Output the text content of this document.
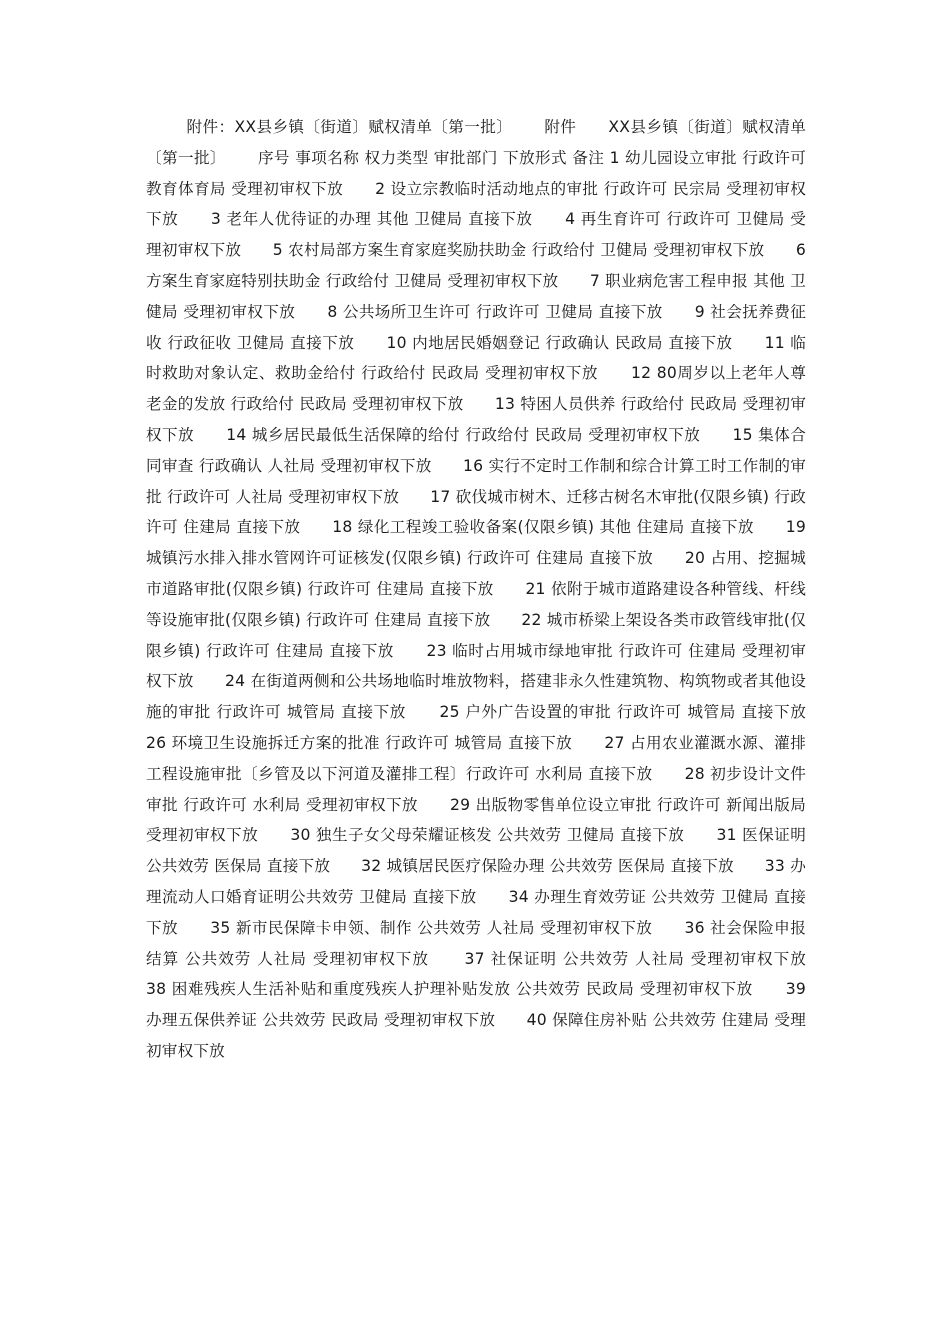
附件：XX县乡镇〔街道〕赋权清单〔第一批〕      附件      XX县乡镇〔街道〕赋权清单〔第一批〕      序号 事项名称 权力类型 审批部门 下放形式 备注 1 幼儿园设立审批 行政许可 教育体育局 受理初审权下放      2 设立宗教临时活动地点的审批 行政许可 民宗局 受理初审权下放      3 老年人优待证的办理 其他 卫健局 直接下放      4 再生育许可 行政许可 卫健局 受理初审权下放      5 农村局部方案生育家庭奖励扶助金 行政给付 卫健局 受理初审权下放      6 方案生育家庭特别扶助金 行政给付 卫健局 受理初审权下放      7 职业病危害工程申报 其他 卫健局 受理初审权下放      8 公共场所卫生许可 行政许可 卫健局 直接下放      9 社会抚养费征收 行政征收 卫健局 直接下放      10 内地居民婚姻登记 行政确认 民政局 直接下放      11 临时救助对象认定、救助金给付 行政给付 民政局 受理初审权下放      12 80周岁以上老年人尊老金的发放 行政给付 民政局 受理初审权下放      13 特困人员供养 行政给付 民政局 受理初审权下放      14 城乡居民最低生活保障的给付 行政给付 民政局 受理初审权下放      15 集体合同审查 行政确认 人社局 受理初审权下放      16 实行不定时工作制和综合计算工时工作制的审批 行政许可 人社局 受理初审权下放      17 砍伐城市树木、迁移古树名木审批(仅限乡镇) 行政许可 住建局 直接下放      18 绿化工程竣工验收备案(仅限乡镇) 其他 住建局 直接下放      19 城镇污水排入排水管网许可证核发(仅限乡镇) 行政许可 住建局 直接下放      20 占用、挖掘城市道路审批(仅限乡镇) 行政许可 住建局 直接下放      21 依附于城市道路建设各种管线、杆线等设施审批(仅限乡镇) 行政许可 住建局 直接下放      22 城市桥梁上架设各类市政管线审批(仅限乡镇) 行政许可 住建局 直接下放      23 临时占用城市绿地审批 行政许可 住建局 受理初审权下放      24 在街道两侧和公共场地临时堆放物料，搭建非永久性建筑物、构筑物或者其他设施的审批 行政许可 城管局 直接下放      25 户外广告设置的审批 行政许可 城管局 直接下放      26 环境卫生设施拆迁方案的批准 行政许可 城管局 直接下放      27 占用农业灌溉水源、灌排工程设施审批〔乡管及以下河道及灌排工程〕行政许可 水利局 直接下放      28 初步设计文件审批 行政许可 水利局 受理初审权下放      29 出版物零售单位设立审批 行政许可 新闻出版局 受理初审权下放      30 独生子女父母荣耀证核发 公共效劳 卫健局 直接下放      31 医保证明 公共效劳 医保局 直接下放      32 城镇居民医疗保险办理 公共效劳 医保局 直接下放      33 办理流动人口婚育证明公共效劳 卫健局 直接下放      34 办理生育效劳证 公共效劳 卫健局 直接下放      35 新市民保障卡申领、制作 公共效劳 人社局 受理初审权下放      36 社会保险申报结算 公共效劳 人社局 受理初审权下放      37 社保证明 公共效劳 人社局 受理初审权下放      38 困难残疾人生活补贴和重度残疾人护理补贴发放 公共效劳 民政局 受理初审权下放      39 办理五保供养证 公共效劳 民政局 受理初审权下放      40 保障住房补贴 公共效劳 住建局 受理初审权下放
